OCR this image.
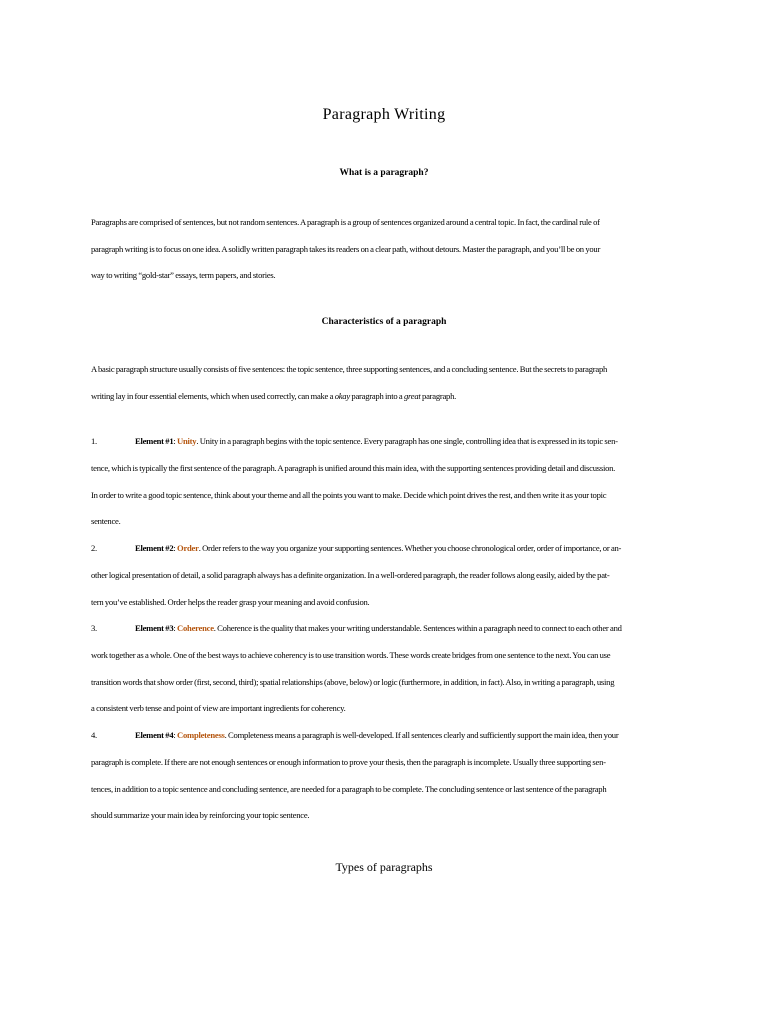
Paragraph Writing
What is a paragraph?
Paragraphs are comprised of sentences, but not random sentences. A paragraph is a group of sentences organized around a central topic. In fact, the cardinal rule of
paragraph writing is to focus on one idea. A solidly written paragraph takes its readers on a clear path, without detours. Master the paragraph, and you’ll be on your
way to writing “gold-star” essays, term papers, and stories.
Characteristics of a paragraph
A basic paragraph structure usually consists of five sentences: the topic sentence, three supporting sentences, and a concluding sentence. But the secrets to paragraph
writing lay in four essential elements, which when used correctly, can make a okay paragraph into a great paragraph.
1.	Element #1: Unity. Unity in a paragraph begins with the topic sentence. Every paragraph has one single, controlling idea that is expressed in its topic sen-
tence, which is typically the first sentence of the paragraph. A paragraph is unified around this main idea, with the supporting sentences providing detail and discussion.
In order to write a good topic sentence, think about your theme and all the points you want to make. Decide which point drives the rest, and then write it as your topic
sentence.
2.	Element #2: Order. Order refers to the way you organize your supporting sentences. Whether you choose chronological order, order of importance, or an-
other logical presentation of detail, a solid paragraph always has a definite organization. In a well-ordered paragraph, the reader follows along easily, aided by the pat-
tern you’ve established. Order helps the reader grasp your meaning and avoid confusion.
3.	Element #3: Coherence. Coherence is the quality that makes your writing understandable. Sentences within a paragraph need to connect to each other and
work together as a whole. One of the best ways to achieve coherency is to use transition words. These words create bridges from one sentence to the next. You can use
transition words that show order (first, second, third); spatial relationships (above, below) or logic (furthermore, in addition, in fact). Also, in writing a paragraph, using
a consistent verb tense and point of view are important ingredients for coherency.
4.	Element #4: Completeness. Completeness means a paragraph is well-developed. If all sentences clearly and sufficiently support the main idea, then your
paragraph is complete. If there are not enough sentences or enough information to prove your thesis, then the paragraph is incomplete. Usually three supporting sen-
tences, in addition to a topic sentence and concluding sentence, are needed for a paragraph to be complete. The concluding sentence or last sentence of the paragraph
should summarize your main idea by reinforcing your topic sentence.
Types of paragraphs
